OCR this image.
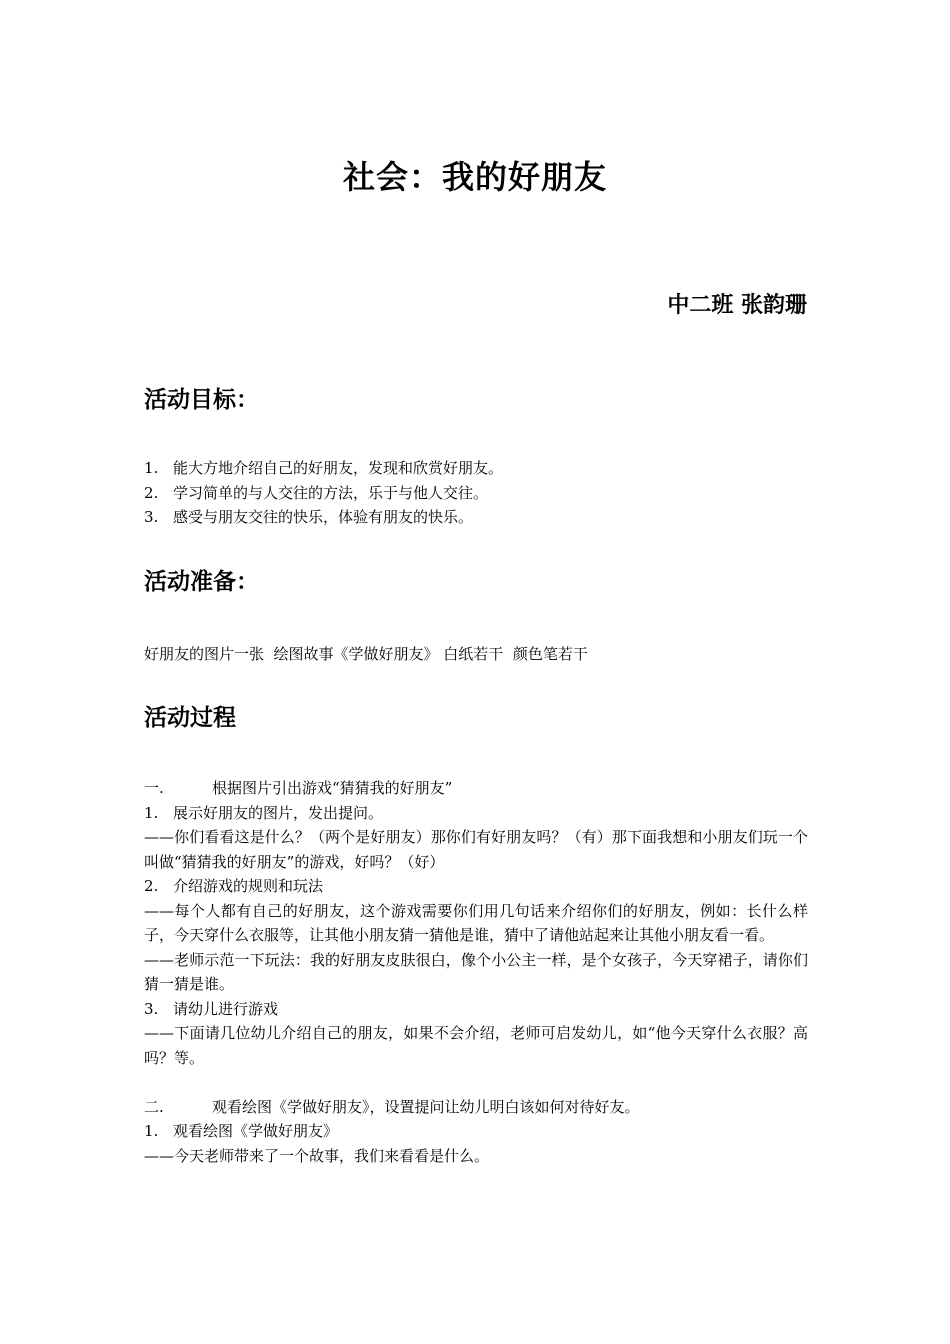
社会：我的好朋友
中二班 张韵珊
活动目标：
1. 能大方地介绍自己的好朋友，发现和欣赏好朋友。
2. 学习简单的与人交往的方法，乐于与他人交往。
3. 感受与朋友交往的快乐，体验有朋友的快乐。
活动准备：

好朋友的图片一张  绘图故事《学做好朋友》 白纸若干  颜色笔若干

活动过程
一.	根据图片引出游戏“猜猜我的好朋友”
1. 展示好朋友的图片，发出提问。
——你们看看这是什么？（两个是好朋友）那你们有好朋友吗？（有）那下面我想和小朋友们玩一个叫做“猜猜我的好朋友”的游戏，好吗？（好）
2. 介绍游戏的规则和玩法
——每个人都有自己的好朋友，这个游戏需要你们用几句话来介绍你们的好朋友，例如：长什么样子，今天穿什么衣服等，让其他小朋友猜一猜他是谁，猜中了请他站起来让其他小朋友看一看。
——老师示范一下玩法：我的好朋友皮肤很白，像个小公主一样，是个女孩子，今天穿裙子，请你们猜一猜是谁。
3. 请幼儿进行游戏
——下面请几位幼儿介绍自己的朋友，如果不会介绍，老师可启发幼儿，如“他今天穿什么衣服？高吗？等。
二.	观看绘图《学做好朋友》，设置提问让幼儿明白该如何对待好友。
1. 观看绘图《学做好朋友》
——今天老师带来了一个故事，我们来看看是什么。
